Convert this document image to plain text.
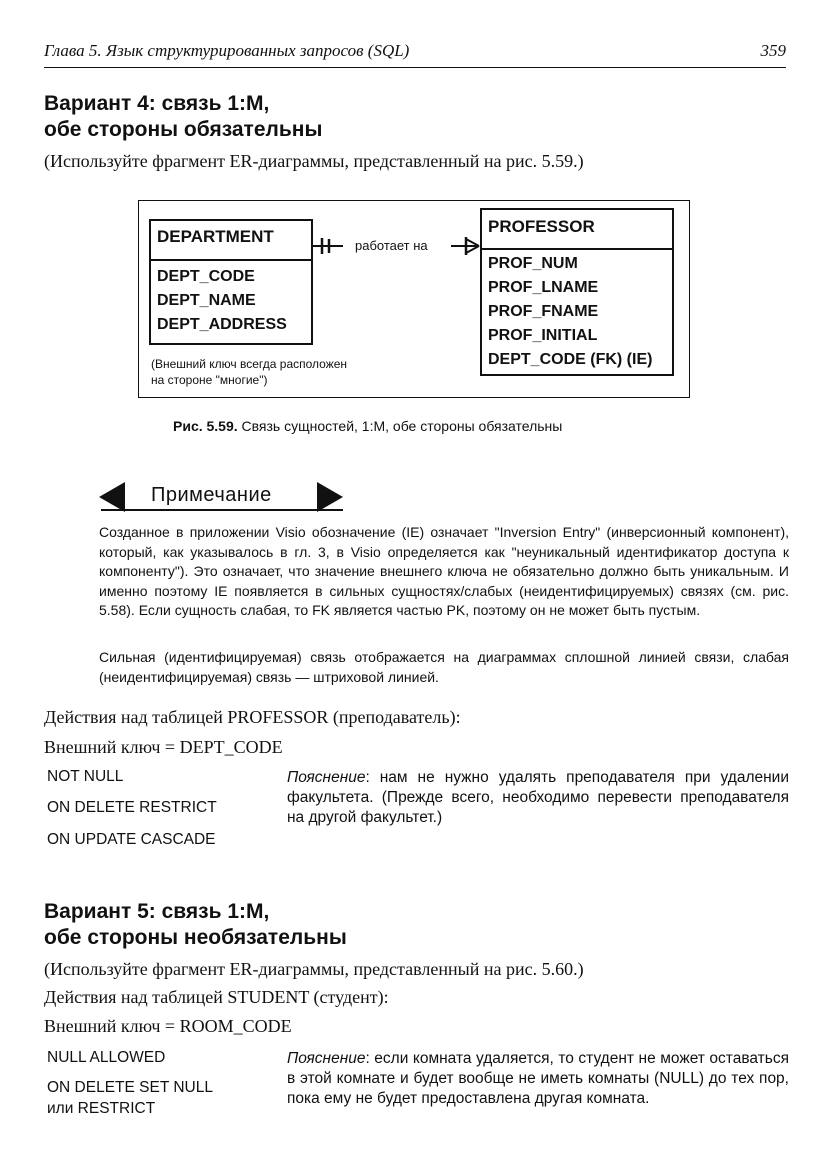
Глава 5. Язык структурированных запросов (SQL)	359
Вариант 4: связь 1:M,
обе стороны обязательны
(Используйте фрагмент ER-диаграммы, представленный на рис. 5.59.)
DEPARTMENT
DEPT_CODE
DEPT_NAME
DEPT_ADDRESS
работает на
PROFESSOR
PROF_NUM
PROF_LNAME
PROF_FNAME
PROF_INITIAL
DEPT_CODE (FK) (IE)
(Внешний ключ всегда расположен
на стороне "многие")
Рис. 5.59. Связь сущностей, 1:M, обе стороны обязательны
Примечание
Созданное в приложении Visio обозначение (IE) означает "Inversion Entry" (инверсионный компонент), который, как указывалось в гл. 3, в Visio определяется как "неуникальный идентификатор доступа к компоненту"). Это означает, что значение внешнего ключа не обязательно должно быть уникальным. И именно поэтому IE появляется в сильных сущностях/слабых (неидентифицируемых) связях (см. рис. 5.58). Если сущность слабая, то FK является частью PK, поэтому он не может быть пустым.
Сильная (идентифицируемая) связь отображается на диаграммах сплошной линией связи, слабая (неидентифицируемая) связь — штриховой линией.
Действия над таблицей PROFESSOR (преподаватель):
Внешний ключ = DEPT_CODE
NOT NULL
ON DELETE RESTRICT
ON UPDATE CASCADE
Пояснение: нам не нужно удалять преподавателя при удалении факультета. (Прежде всего, необходимо перевести преподавателя на другой факультет.)
Вариант 5: связь 1:M,
обе стороны необязательны
(Используйте фрагмент ER-диаграммы, представленный на рис. 5.60.)
Действия над таблицей STUDENT (студент):
Внешний ключ = ROOM_CODE
NULL ALLOWED
ON DELETE SET NULL
или RESTRICT
Пояснение: если комната удаляется, то студент не может оставаться в этой комнате и будет вообще не иметь комнаты (NULL) до тех пор, пока ему не будет предоставлена другая комната.
